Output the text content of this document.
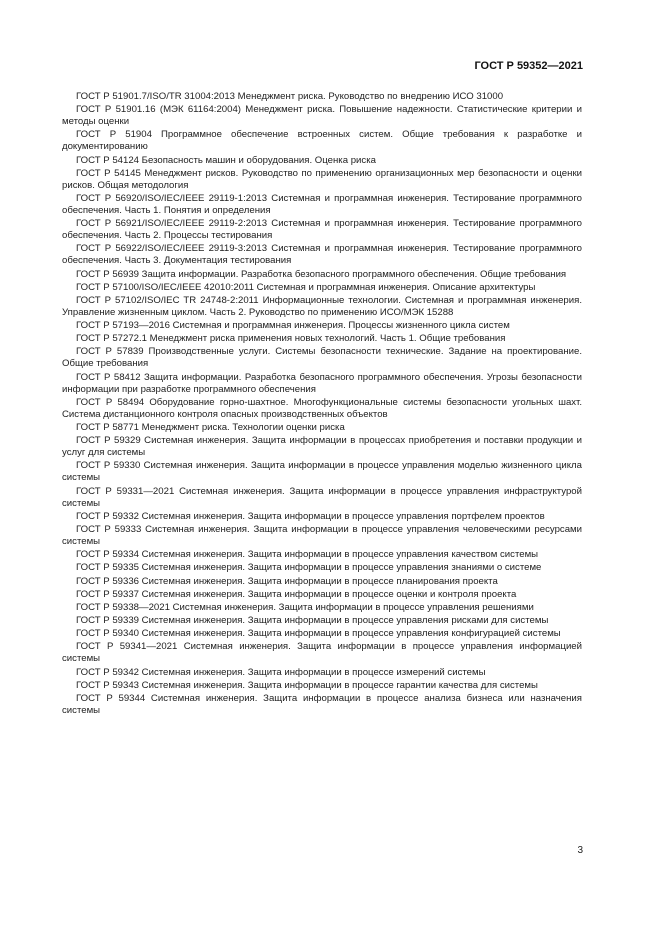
ГОСТ Р 59352—2021

ГОСТ Р 51901.7/ISO/TR 31004:2013 Менеджмент риска. Руководство по внедрению ИСО 31000

ГОСТ Р 51901.16 (МЭК 61164:2004) Менеджмент риска. Повышение надежности. Статистические критерии и методы оценки

ГОСТ Р 51904 Программное обеспечение встроенных систем. Общие требования к разработке и документированию

ГОСТ Р 54124 Безопасность машин и оборудования. Оценка риска

ГОСТ Р 54145 Менеджмент рисков. Руководство по применению организационных мер безопасности и оценки рисков. Общая методология

ГОСТ Р 56920/ISO/IEC/IEEE 29119-1:2013 Системная и программная инженерия. Тестирование программного обеспечения. Часть 1. Понятия и определения

ГОСТ Р 56921/ISO/IEC/IEEE 29119-2:2013 Системная и программная инженерия. Тестирование программного обеспечения. Часть 2. Процессы тестирования

ГОСТ Р 56922/ISO/IEC/IEEE 29119-3:2013 Системная и программная инженерия. Тестирование программного обеспечения. Часть 3. Документация тестирования

ГОСТ Р 56939 Защита информации. Разработка безопасного программного обеспечения. Общие требования

ГОСТ Р 57100/ISO/IEC/IEEE 42010:2011 Системная и программная инженерия. Описание архитектуры

ГОСТ Р 57102/ISO/IEC TR 24748-2:2011 Информационные технологии. Системная и программная инженерия. Управление жизненным циклом. Часть 2. Руководство по применению ИСО/МЭК 15288

ГОСТ Р 57193—2016 Системная и программная инженерия. Процессы жизненного цикла систем

ГОСТ Р 57272.1 Менеджмент риска применения новых технологий. Часть 1. Общие требования

ГОСТ Р 57839 Производственные услуги. Системы безопасности технические. Задание на проектирование. Общие требования

ГОСТ Р 58412 Защита информации. Разработка безопасного программного обеспечения. Угрозы безопасности информации при разработке программного обеспечения

ГОСТ Р 58494 Оборудование горно-шахтное. Многофункциональные системы безопасности угольных шахт. Система дистанционного контроля опасных производственных объектов

ГОСТ Р 58771 Менеджмент риска. Технологии оценки риска

ГОСТ Р 59329 Системная инженерия. Защита информации в процессах приобретения и поставки продукции и услуг для системы

ГОСТ Р 59330 Системная инженерия. Защита информации в процессе управления моделью жизненного цикла системы

ГОСТ Р 59331—2021 Системная инженерия. Защита информации в процессе управления инфраструктурой системы

ГОСТ Р 59332 Системная инженерия. Защита информации в процессе управления портфелем проектов

ГОСТ Р 59333 Системная инженерия. Защита информации в процессе управления человеческими ресурсами системы

ГОСТ Р 59334 Системная инженерия. Защита информации в процессе управления качеством системы

ГОСТ Р 59335 Системная инженерия. Защита информации в процессе управления знаниями о системе

ГОСТ Р 59336 Системная инженерия. Защита информации в процессе планирования проекта

ГОСТ Р 59337 Системная инженерия. Защита информации в процессе оценки и контроля проекта

ГОСТ Р 59338—2021 Системная инженерия. Защита информации в процессе управления решениями

ГОСТ Р 59339 Системная инженерия. Защита информации в процессе управления рисками для системы

ГОСТ Р 59340 Системная инженерия. Защита информации в процессе управления конфигурацией системы

ГОСТ Р 59341—2021 Системная инженерия. Защита информации в процессе управления информацией системы

ГОСТ Р 59342 Системная инженерия. Защита информации в процессе измерений системы

ГОСТ Р 59343 Системная инженерия. Защита информации в процессе гарантии качества для системы

ГОСТ Р 59344 Системная инженерия. Защита информации в процессе анализа бизнеса или назначения системы

3
